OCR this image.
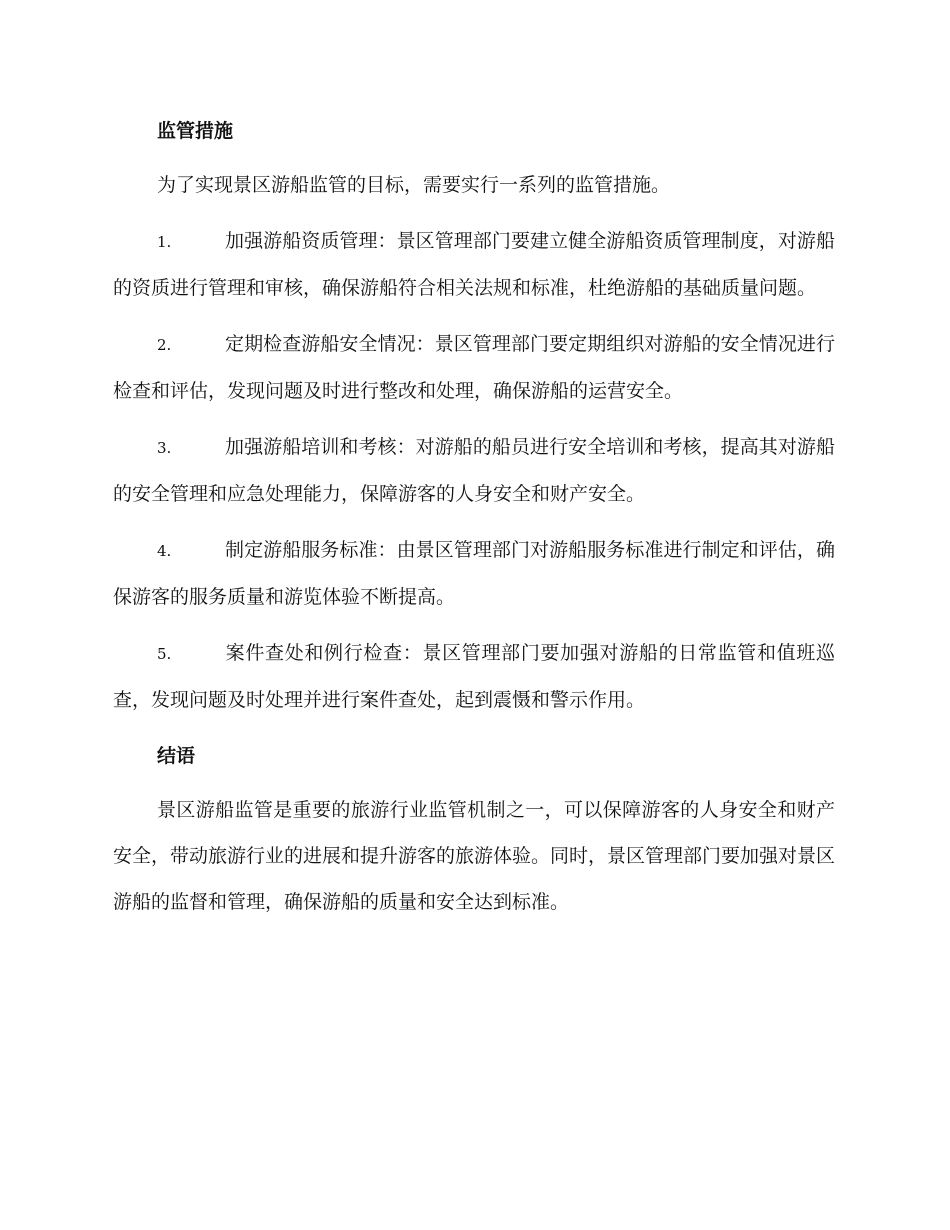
监管措施
为了实现景区游船监管的目标，需要实行一系列的监管措施。
1.	加强游船资质管理：景区管理部门要建立健全游船资质管理制度，对游船的资质进行管理和审核，确保游船符合相关法规和标准，杜绝游船的基础质量问题。
2.	定期检查游船安全情况：景区管理部门要定期组织对游船的安全情况进行检查和评估，发现问题及时进行整改和处理，确保游船的运营安全。
3.	加强游船培训和考核：对游船的船员进行安全培训和考核，提高其对游船的安全管理和应急处理能力，保障游客的人身安全和财产安全。
4.	制定游船服务标准：由景区管理部门对游船服务标准进行制定和评估，确保游客的服务质量和游览体验不断提高。
5.	案件查处和例行检查：景区管理部门要加强对游船的日常监管和值班巡查，发现问题及时处理并进行案件查处，起到震慑和警示作用。
结语
景区游船监管是重要的旅游行业监管机制之一，可以保障游客的人身安全和财产安全，带动旅游行业的进展和提升游客的旅游体验。同时，景区管理部门要加强对景区游船的监督和管理，确保游船的质量和安全达到标准。
